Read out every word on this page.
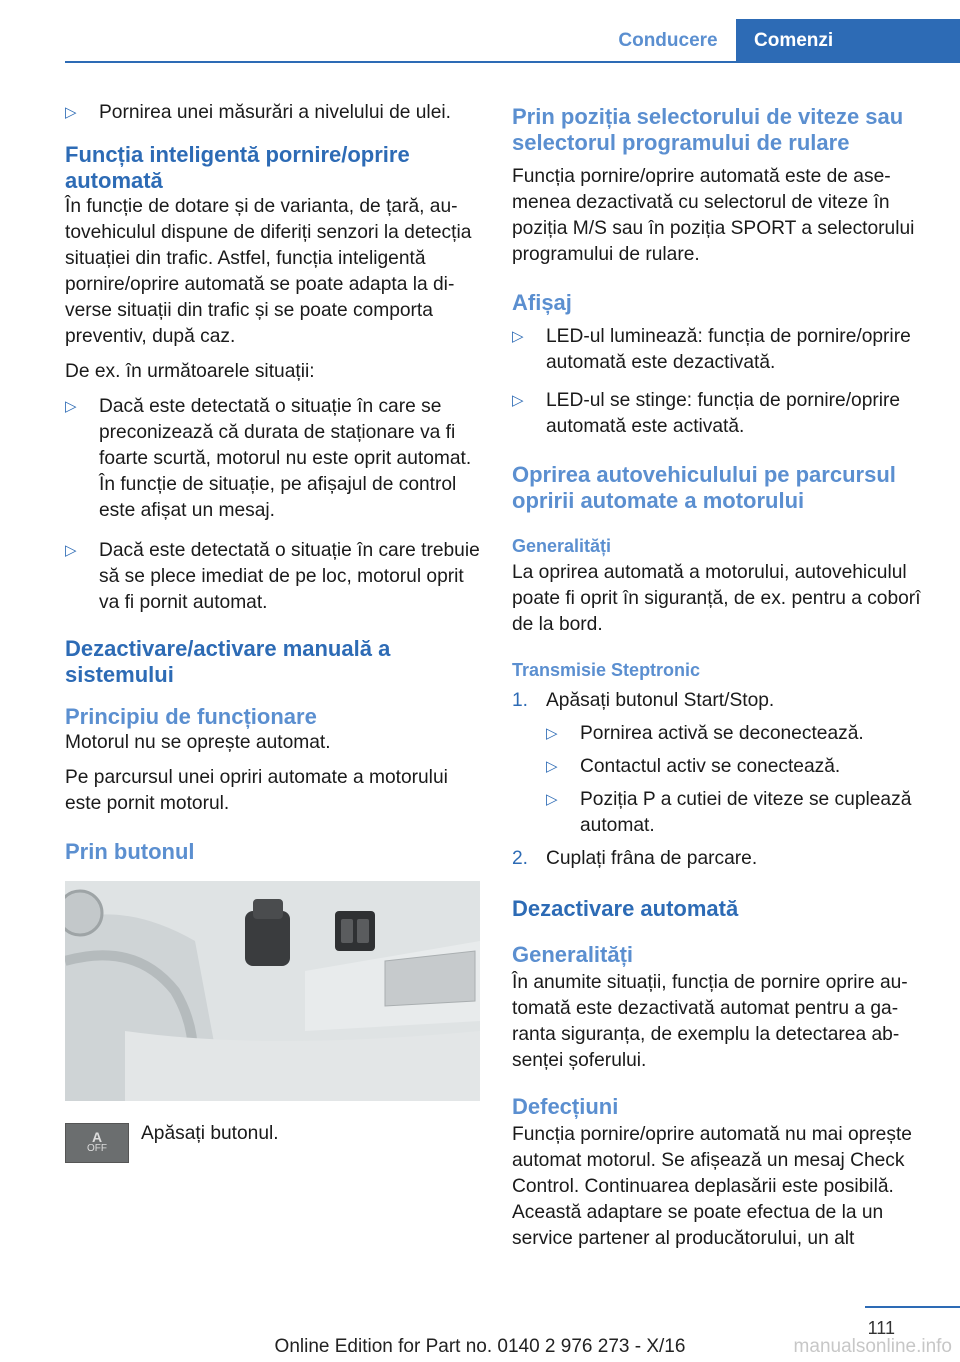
Conducere	Comenzi
▷ Pornirea unei măsurări a nivelului de ulei.
Funcția inteligentă pornire/oprire automată

În funcție de dotare și de varianta, de țară, autovehiculul dispune de diferiți senzori la detecția situației din trafic. Astfel, funcția inteligentă pornire/oprire automată se poate adapta la diverse situații din trafic și se poate comporta preventiv, după caz.

De ex. în următoarele situații:

▷ Dacă este detectată o situație în care se preconizează că durata de staționare va fi foarte scurtă, motorul nu este oprit automat. În funcție de situație, pe afișajul de control este afișat un mesaj.
▷ Dacă este detectată o situație în care trebuie să se plece imediat de pe loc, motorul oprit va fi pornit automat.
Dezactivare/activare manuală a sistemului
Principiu de funcționare

Motorul nu se oprește automat.

Pe parcursul unei opriri automate a motorului este pornit motorul.

Prin butonul
A
OFF

Apăsați butonul.

Prin poziția selectorului de viteze sau selectorul programului de rulare

Funcția pornire/oprire automată este de asemenea dezactivată cu selectorul de viteze în poziția M/S sau în poziția SPORT a selectorului programului de rulare.

Afișaj
▷ LED-ul luminează: funcția de pornire/oprire automată este dezactivată.
▷ LED-ul se stinge: funcția de pornire/oprire automată este activată.
Oprirea autovehiculului pe parcursul opririi automate a motorului
Generalități

La oprirea automată a motorului, autovehiculul poate fi oprit în siguranță, de ex. pentru a coborî de la bord.

Transmisie Steptronic
1. Apăsați butonul Start/Stop.
▷ Pornirea activă se deconectează.
▷ Contactul activ se conectează.
▷ Poziția P a cutiei de viteze se cuplează automat.
2. Cuplați frâna de parcare.
Dezactivare automată
Generalități

În anumite situații, funcția de pornire oprire automată este dezactivată automat pentru a garanta siguranța, de exemplu la detectarea absenței șoferului.

Defecțiuni

Funcția pornire/oprire automată nu mai oprește automat motorul. Se afișează un mesaj Check Control. Continuarea deplasării este posibilă. Această adaptare se poate efectua de la un service partener al producătorului, un alt

111
manualsonline.info
Online Edition for Part no. 0140 2 976 273 - X/16
